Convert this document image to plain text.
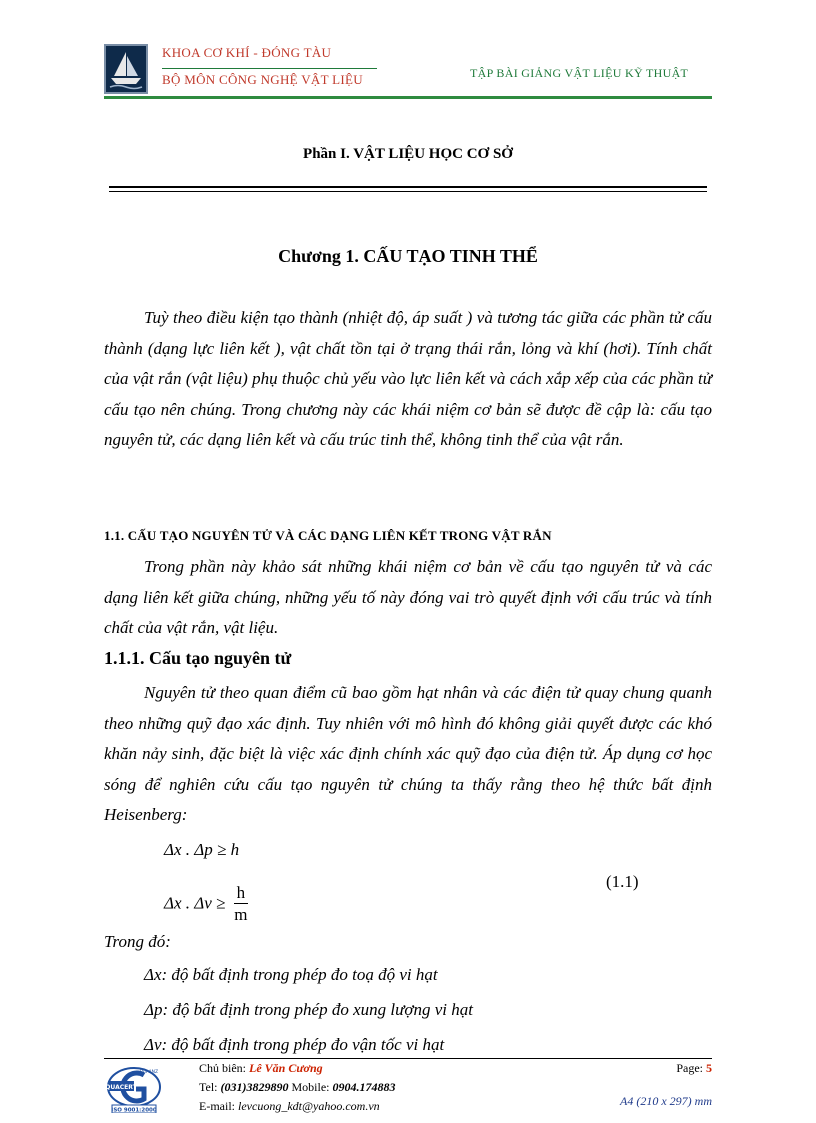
KHOA CƠ KHÍ - ĐÓNG TÀU
BỘ MÔN CÔNG NGHỆ VẬT LIỆU	TẬP BÀI GIẢNG VẬT LIỆU KỸ THUẬT
Phần I. VẬT LIỆU HỌC CƠ SỞ
Chương 1. CẤU TẠO TINH THỂ

Tuỳ theo điều kiện tạo thành (nhiệt độ, áp suất ) và tương tác giữa các phần tử cấu thành (dạng lực liên kết ), vật chất tồn tại ở trạng thái rắn, lỏng và khí (hơi). Tính chất của vật rắn (vật liệu) phụ thuộc chủ yếu vào lực liên kết và cách xắp xếp của các phần tử cấu tạo nên chúng. Trong chương này các khái niệm cơ bản sẽ được đề cập là: cấu tạo nguyên tử, các dạng liên kết và cấu trúc tinh thể, không tinh thể của vật rắn.

1.1. CẤU TẠO NGUYÊN TỬ VÀ CÁC DẠNG LIÊN KẾT TRONG VẬT RẮN

Trong phần này khảo sát những khái niệm cơ bản về cấu tạo nguyên tử và các dạng liên kết giữa chúng, những yếu tố này đóng vai trò quyết định với cấu trúc và tính chất của vật rắn, vật liệu.

1.1.1. Cấu tạo nguyên tử

Nguyên tử theo quan điểm cũ bao gồm hạt nhân và các điện tử quay chung quanh theo những quỹ đạo xác định. Tuy nhiên với mô hình đó không giải quyết được các khó khăn nảy sinh, đặc biệt là việc xác định chính xác quỹ đạo của điện tử. Áp dụng cơ học sóng để nghiên cứu cấu tạo nguyên tử chúng ta thấy rằng theo hệ thức bất định Heisenberg:

Δx . Δp ≥ h
Δx . $\Delta v \ge \frac{h}{m}$
(1.1)
Trong đó:
Δx: độ bất định trong phép đo toạ độ vi hạt
Δp: độ bất định trong phép đo xung lượng vi hạt
Δv: độ bất định trong phép đo vận tốc vi hạt
QUACERT
JAS-ANZ
ISO 9001:2000
Chủ biên: Lê Văn Cương
Tel: (031)3829890 Mobile: 0904.174883
E-mail: levcuong_kdt@yahoo.com.vn
Page: 5
A4 (210 x 297) mm
